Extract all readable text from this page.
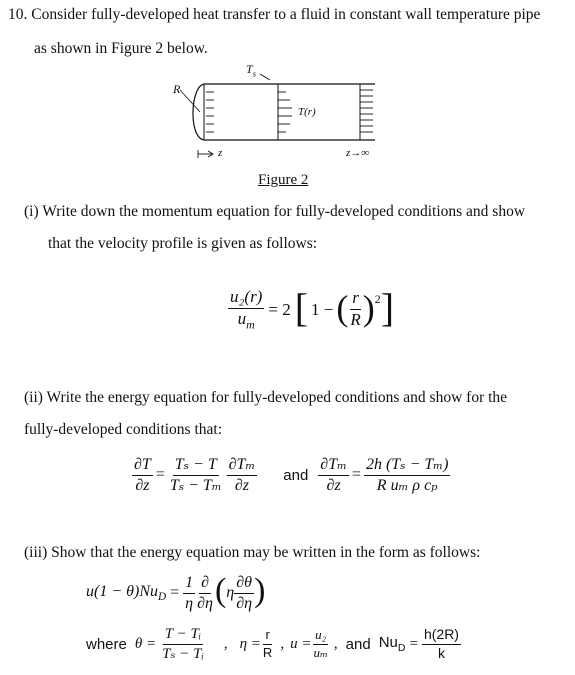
10. Consider fully-developed heat transfer to a fluid in constant wall temperature pipe
as shown in Figure 2 below.
R
$T_s$
T(r)
z	z→∞
Figure 2
(i) Write down the momentum equation for fully-developed conditions and show
that the velocity profile is given as follows:
$\frac{\text{u₂(r)}}{u_m} = 2$ [ 1 − ( $\frac{r}{R} )^2$ ]
(ii) Write the energy equation for fully-developed conditions and show for the
fully-developed conditions that:
$\frac{\partial T}{\partial z} = \frac{\text{Tₛ − T}}{\text{Tₛ − Tₘ}} \frac{\text{∂Tₘ}}{\partial z}$ and $\frac{\text{∂Tₘ}}{\partial z} = \frac{\text{2h (Tₛ − Tₘ)}}{\text{R uₘ ρ cₚ}}$
(iii) Show that the energy equation may be written in the form as follows:
$u(1 - \theta)Nu_D = \frac{1}{\eta} \frac{\partial}{\partial\eta}$ ( η $\frac{\partial\theta}{\partial\eta}$ )
where $\theta = \frac{\text{T − Tᵢ}}{\text{Tₛ − Tᵢ}}$ , $\eta = \frac{r}{R}$ , $u = \frac{\text{u₂}}{\text{uₘ}}$ , and $Nu_D = \frac{h(2R)}{k}$
